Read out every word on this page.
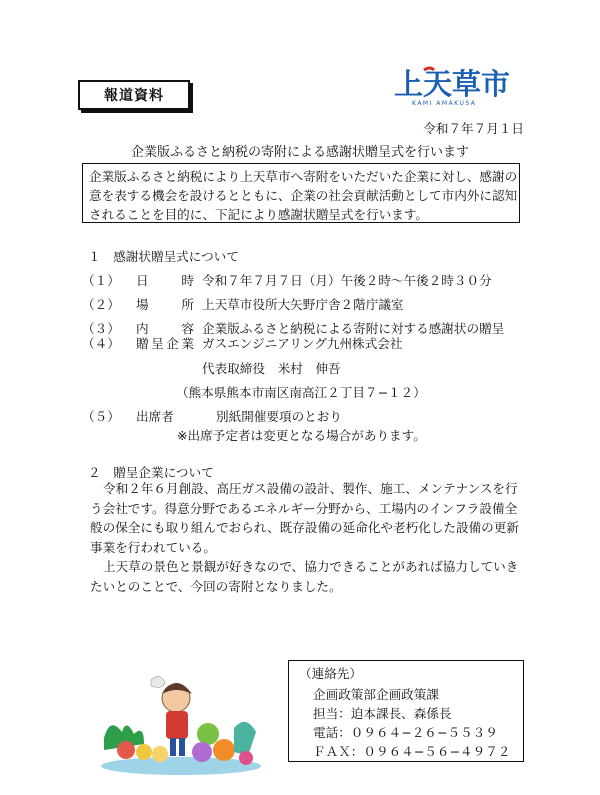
報道資料	上天草市
KAMI AMAKUSA
令和７年７月１日
企業版ふるさと納税の寄附による感謝状贈呈式を行います
企業版ふるさと納税により上天草市へ寄附をいただいた企業に対し、感謝の
意を表する機会を設けるとともに、企業の社会貢献活動として市内外に認知
されることを目的に、下記により感謝状贈呈式を行います。
１　感謝状贈呈式について
（１） 日時 令和７年７月７日（月）午後２時～午後２時３０分
（２） 場所 上天草市役所大矢野庁舎２階庁議室
（３） 内容 企業版ふるさと納税による寄附に対する感謝状の贈呈
（４） 贈呈企業 ガスエンジニアリング九州株式会社
代表取締役　米村　伸吾
（熊本県熊本市南区南高江２丁目７−１２）
（５） 出席者	別紙開催要項のとおり
※出席予定者は変更となる場合があります。
２　贈呈企業について
令和２年６月創設、高圧ガス設備の設計、製作、施工、メンテナンスを行う会社です。得意分野であるエネルギー分野から、工場内のインフラ設備全般の保全にも取り組んでおられ、既存設備の延命化や老朽化した設備の更新事業を行われている。
上天草の景色と景観が好きなので、協力できることがあれば協力していきたいとのことで、今回の寄附となりました。
（連絡先）
企画政策部企画政策課
担当：迫本課長、森係長
電話：０９６４−２６−５５３９
ＦＡＸ：０９６４−５６−４９７２
